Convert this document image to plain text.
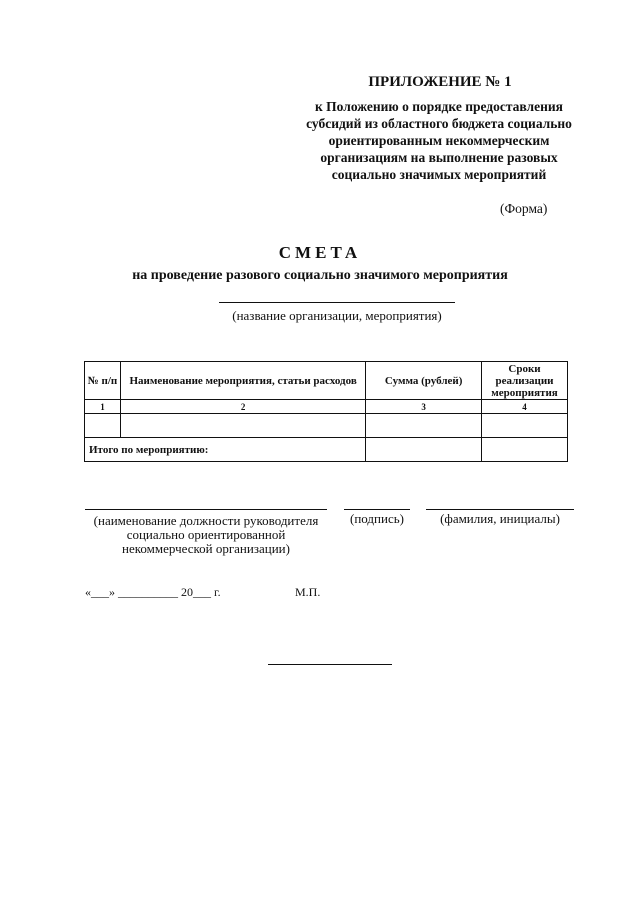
ПРИЛОЖЕНИЕ № 1
к Положению о порядке предоставления
субсидий из областного бюджета социально
ориентированным некоммерческим
организациям на выполнение разовых
социально значимых мероприятий
(Форма)
СМЕТА
на проведение разового социально значимого мероприятия
(название организации, мероприятия)
№ п/п	Наименование мероприятия, статьи расходов	Сумма (рублей)	Сроки реализации мероприятия
1	2	3	4

Итого по мероприятию:			
(наименование должности руководителя социально ориентированной некоммерческой организации)
(подпись)	(фамилия, инициалы)
«___» __________ 20___ г.	М.П.
